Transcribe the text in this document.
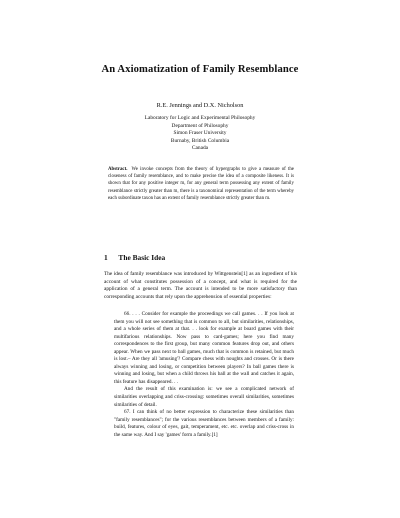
An Axiomatization of Family Resemblance
R.E. Jennings and D.X. Nicholson
Laboratory for Logic and Experimental Philosophy
Department of Philosophy
Simon Fraser University
Burnaby, British Columbia
Canada
Abstract. We invoke concepts from the theory of hypergraphs to give a measure of the closeness of family resemblance, and to make precise the idea of a composite likeness. It is shown that for any positive integer m, for any general term possessing any extent of family resemblance strictly greater than m, there is a taxonomical representation of the term whereby each subordinate taxon has an extent of family resemblance strictly greater than m.
1 The Basic Idea
The idea of family resemblance was introduced by Wittgenstein[1] as an ingredient of his account of what constitutes possession of a concept, and what is required for the application of a general term. The account is intended to be more satisfactory than corresponding accounts that rely upon the apprehension of essential properties:

66. . . . Consider for example the proceedings we call games. . . If you look at them you will not see something that is common to all, but similarities, relationships, and a whole series of them at that. . . look for example at board games with their multifarious relationships. Now pass to card-games; here you find many correspondences to the first group, but many common features drop out, and others appear. When we pass next to ball games, much that is common is retained, but much is lost.– Are they all 'amusing'? Compare chess with noughts and crosses. Or is there always winning and losing, or competition between players? In ball games there is winning and losing, but when a child throws his ball at the wall and catches it again, this feature has disappeared. . .

And the result of this examination is: we see a complicated network of similarities overlapping and criss-crossing: sometimes overall similarities, sometimes similarities of detail.

67. I can think of no better expression to characterize these similarities than "family resemblances"; for the various resemblances between members of a family: build, features, colour of eyes, gait, temperament, etc. etc. overlap and criss-cross in the same way. And I say 'games' form a family.[1]
